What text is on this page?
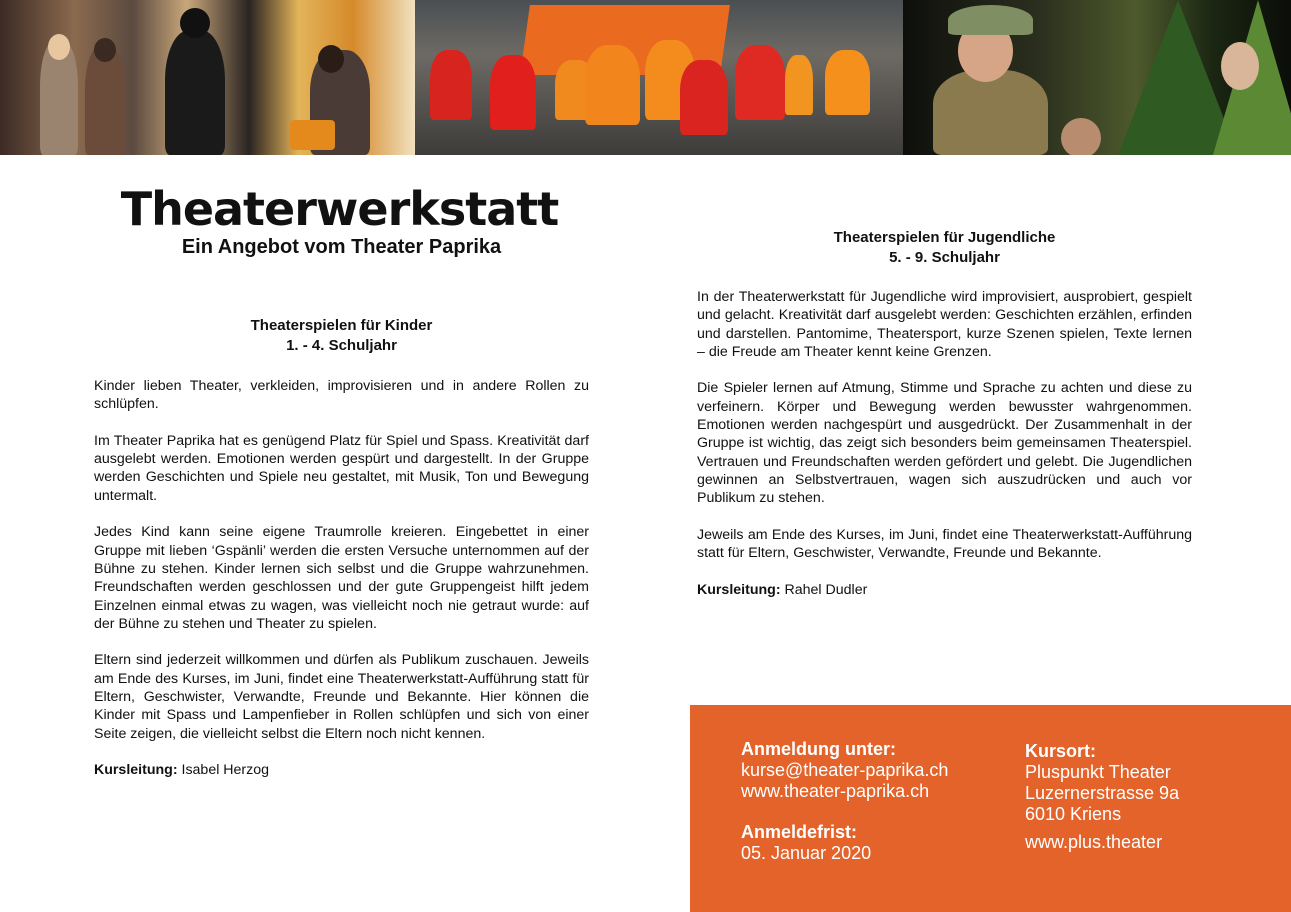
Theaterwerkstatt
Ein Angebot vom Theater Paprika
Theaterspielen für Kinder
1. - 4. Schuljahr

Kinder lieben Theater, verkleiden, improvisieren und in andere Rollen zu schlüpfen.

Im Theater Paprika hat es genügend Platz für Spiel und Spass. Kreativität darf ausgelebt werden. Emotionen werden gespürt und dargestellt. In der Gruppe werden Geschichten und Spiele neu gestaltet, mit Musik, Ton und Bewegung untermalt.

Jedes Kind kann seine eigene Traumrolle kreieren. Eingebettet in einer Gruppe mit lieben ‘Gspänli’ werden die ersten Versuche unternommen auf der Bühne zu stehen. Kinder lernen sich selbst und die Gruppe wahrzunehmen. Freundschaften werden geschlossen und der gute Gruppengeist hilft jedem Einzelnen einmal etwas zu wagen, was vielleicht noch nie getraut wurde: auf der Bühne zu stehen und Theater zu spielen.

Eltern sind jederzeit willkommen und dürfen als Publikum zuschauen. Jeweils am Ende des Kurses, im Juni, findet eine Theaterwerkstatt-Aufführung statt für Eltern, Geschwister, Verwandte, Freunde und Bekannte. Hier können die Kinder mit Spass und Lampenfieber in Rollen schlüpfen und sich von einer Seite zeigen, die vielleicht selbst die Eltern noch nicht kennen.

Kursleitung: Isabel Herzog

Theaterspielen für Jugendliche
5. - 9. Schuljahr

In der Theaterwerkstatt für Jugendliche wird improvisiert, ausprobiert, gespielt und gelacht. Kreativität darf ausgelebt werden: Geschichten erzählen, erfinden und darstellen. Pantomime, Theatersport, kurze Szenen spielen, Texte lernen – die Freude am Theater kennt keine Grenzen.

Die Spieler lernen auf Atmung, Stimme und Sprache zu achten und diese zu verfeinern. Körper und Bewegung werden bewusster wahrgenommen. Emotionen werden nachgespürt und ausgedrückt. Der Zusammenhalt in der Gruppe ist wichtig, das zeigt sich besonders beim gemeinsamen Theaterspiel. Vertrauen und Freundschaften werden gefördert und gelebt. Die Jugendlichen gewinnen an Selbstvertrauen, wagen sich auszudrücken und auch vor Publikum zu stehen.

Jeweils am Ende des Kurses, im Juni, findet eine Theaterwerkstatt-Aufführung statt für Eltern, Geschwister, Verwandte, Freunde und Bekannte.

Kursleitung: Rahel Dudler

Anmeldung unter:

kurse@theater-paprika.ch

www.theater-paprika.ch

Anmeldefrist:

05. Januar 2020

Kursort:

Pluspunkt Theater

Luzernerstrasse 9a

6010 Kriens

www.plus.theater
